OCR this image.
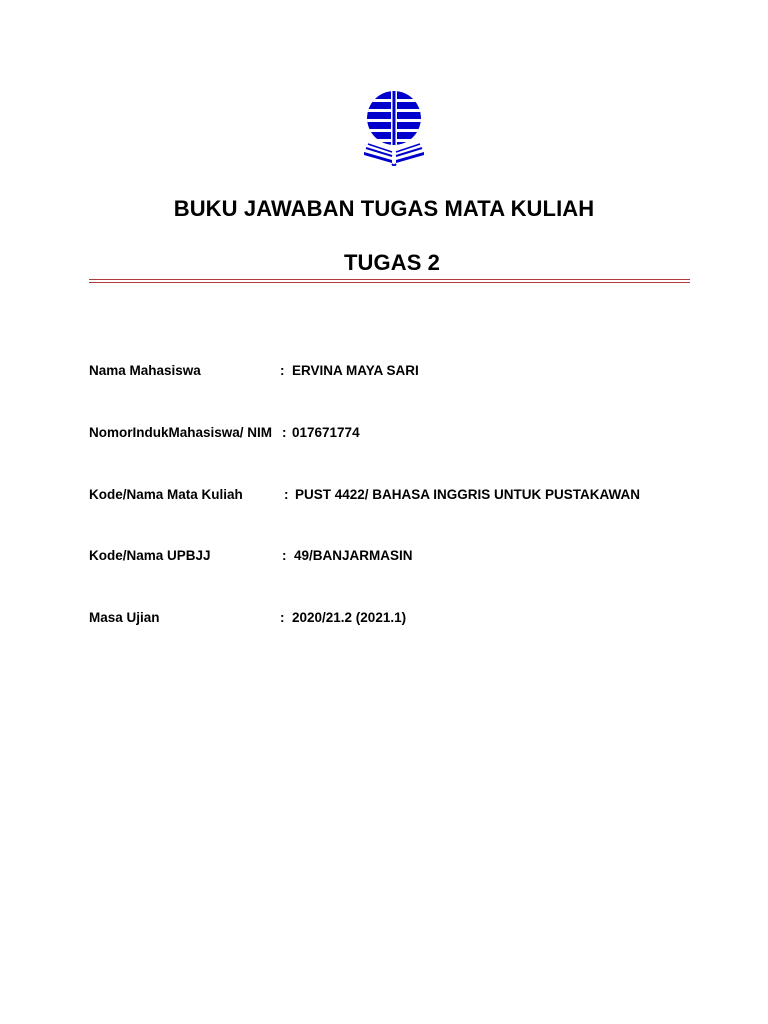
BUKU JAWABAN TUGAS MATA KULIAH
TUGAS 2
Nama Mahasiswa	: ERVINA MAYA SARI
NomorIndukMahasiswa/ NIM : 017671774
Kode/Nama Mata Kuliah	: PUST 4422/ BAHASA INGGRIS UNTUK PUSTAKAWAN
Kode/Nama UPBJJ	: 49/BANJARMASIN
Masa Ujian	: 2020/21.2 (2021.1)
